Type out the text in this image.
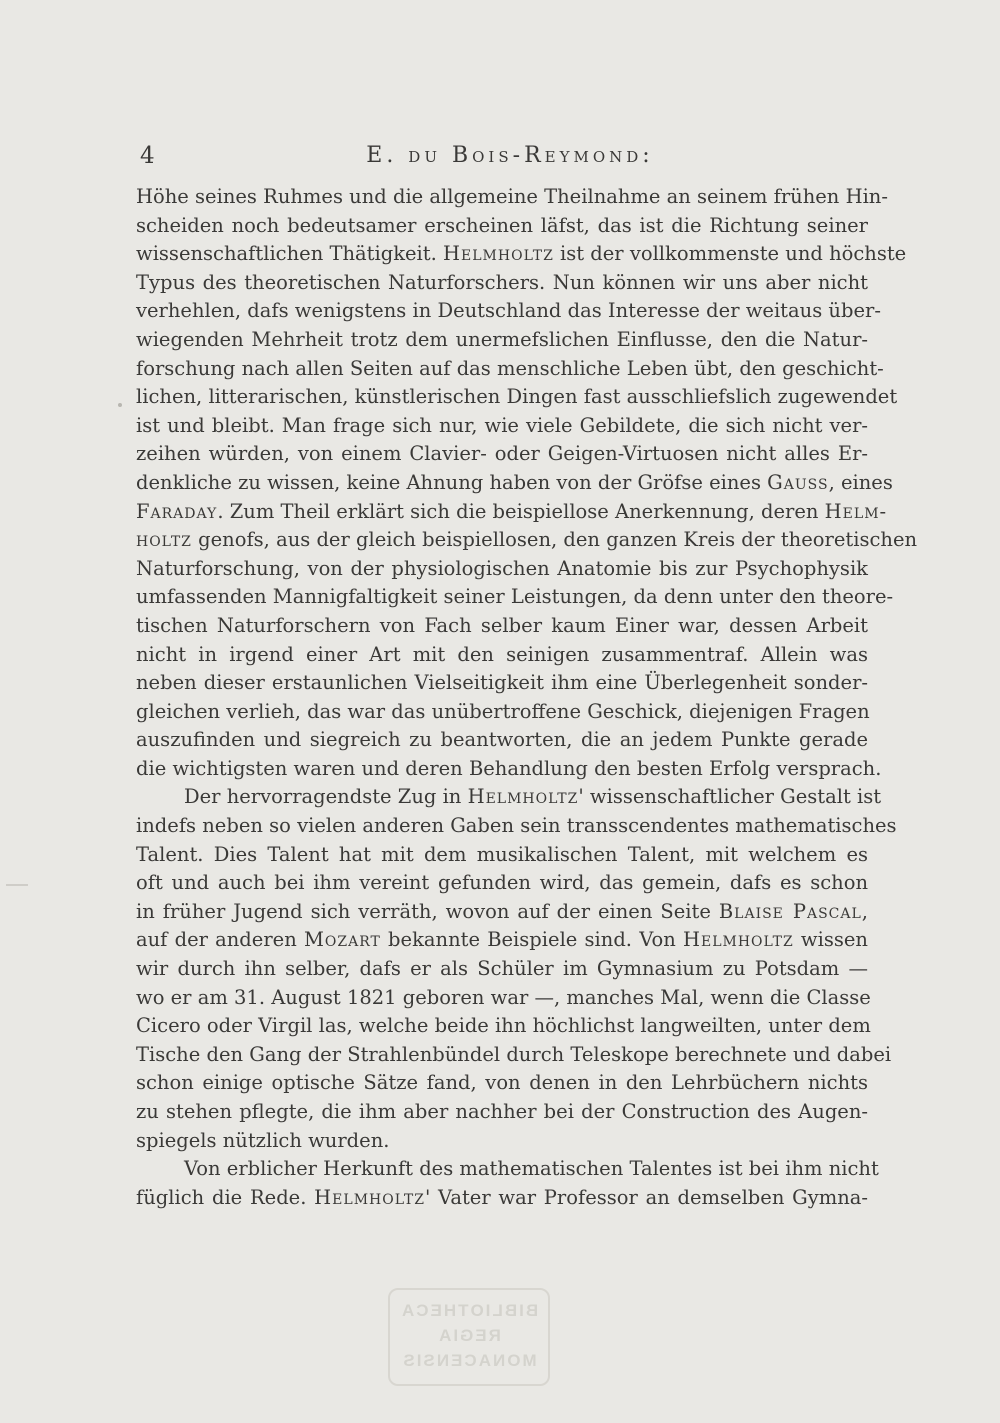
4	E. du Bois-Reymond:
Höhe seines Ruhmes und die allgemeine Theilnahme an seinem frühen Hin-
scheiden noch bedeutsamer erscheinen läfst, das ist die Richtung seiner
wissenschaftlichen Thätigkeit. Helmholtz ist der vollkommenste und höchste
Typus des theoretischen Naturforschers. Nun können wir uns aber nicht
verhehlen, dafs wenigstens in Deutschland das Interesse der weitaus über-
wiegenden Mehrheit trotz dem unermefslichen Einflusse, den die Natur-
forschung nach allen Seiten auf das menschliche Leben übt, den geschicht-
lichen, litterarischen, künstlerischen Dingen fast ausschliefslich zugewendet
ist und bleibt. Man frage sich nur, wie viele Gebildete, die sich nicht ver-
zeihen würden, von einem Clavier- oder Geigen-Virtuosen nicht alles Er-
denkliche zu wissen, keine Ahnung haben von der Gröfse eines Gauss, eines
Faraday. Zum Theil erklärt sich die beispiellose Anerkennung, deren Helm-
holtz genofs, aus der gleich beispiellosen, den ganzen Kreis der theoretischen
Naturforschung, von der physiologischen Anatomie bis zur Psychophysik
umfassenden Mannigfaltigkeit seiner Leistungen, da denn unter den theore-
tischen Naturforschern von Fach selber kaum Einer war, dessen Arbeit
nicht in irgend einer Art mit den seinigen zusammentraf. Allein was
neben dieser erstaunlichen Vielseitigkeit ihm eine Überlegenheit sonder-
gleichen verlieh, das war das unübertroffene Geschick, diejenigen Fragen
auszufinden und siegreich zu beantworten, die an jedem Punkte gerade
die wichtigsten waren und deren Behandlung den besten Erfolg versprach.
Der hervorragendste Zug in Helmholtz' wissenschaftlicher Gestalt ist
indefs neben so vielen anderen Gaben sein transscendentes mathematisches
Talent. Dies Talent hat mit dem musikalischen Talent, mit welchem es
oft und auch bei ihm vereint gefunden wird, das gemein, dafs es schon
in früher Jugend sich verräth, wovon auf der einen Seite Blaise Pascal,
auf der anderen Mozart bekannte Beispiele sind. Von Helmholtz wissen
wir durch ihn selber, dafs er als Schüler im Gymnasium zu Potsdam —
wo er am 31. August 1821 geboren war —, manches Mal, wenn die Classe
Cicero oder Virgil las, welche beide ihn höchlichst langweilten, unter dem
Tische den Gang der Strahlenbündel durch Teleskope berechnete und dabei
schon einige optische Sätze fand, von denen in den Lehrbüchern nichts
zu stehen pflegte, die ihm aber nachher bei der Construction des Augen-
spiegels nützlich wurden.
Von erblicher Herkunft des mathematischen Talentes ist bei ihm nicht
füglich die Rede. Helmholtz' Vater war Professor an demselben Gymna-
BIBLIOTHECA
REGIA
MONACENSIS
